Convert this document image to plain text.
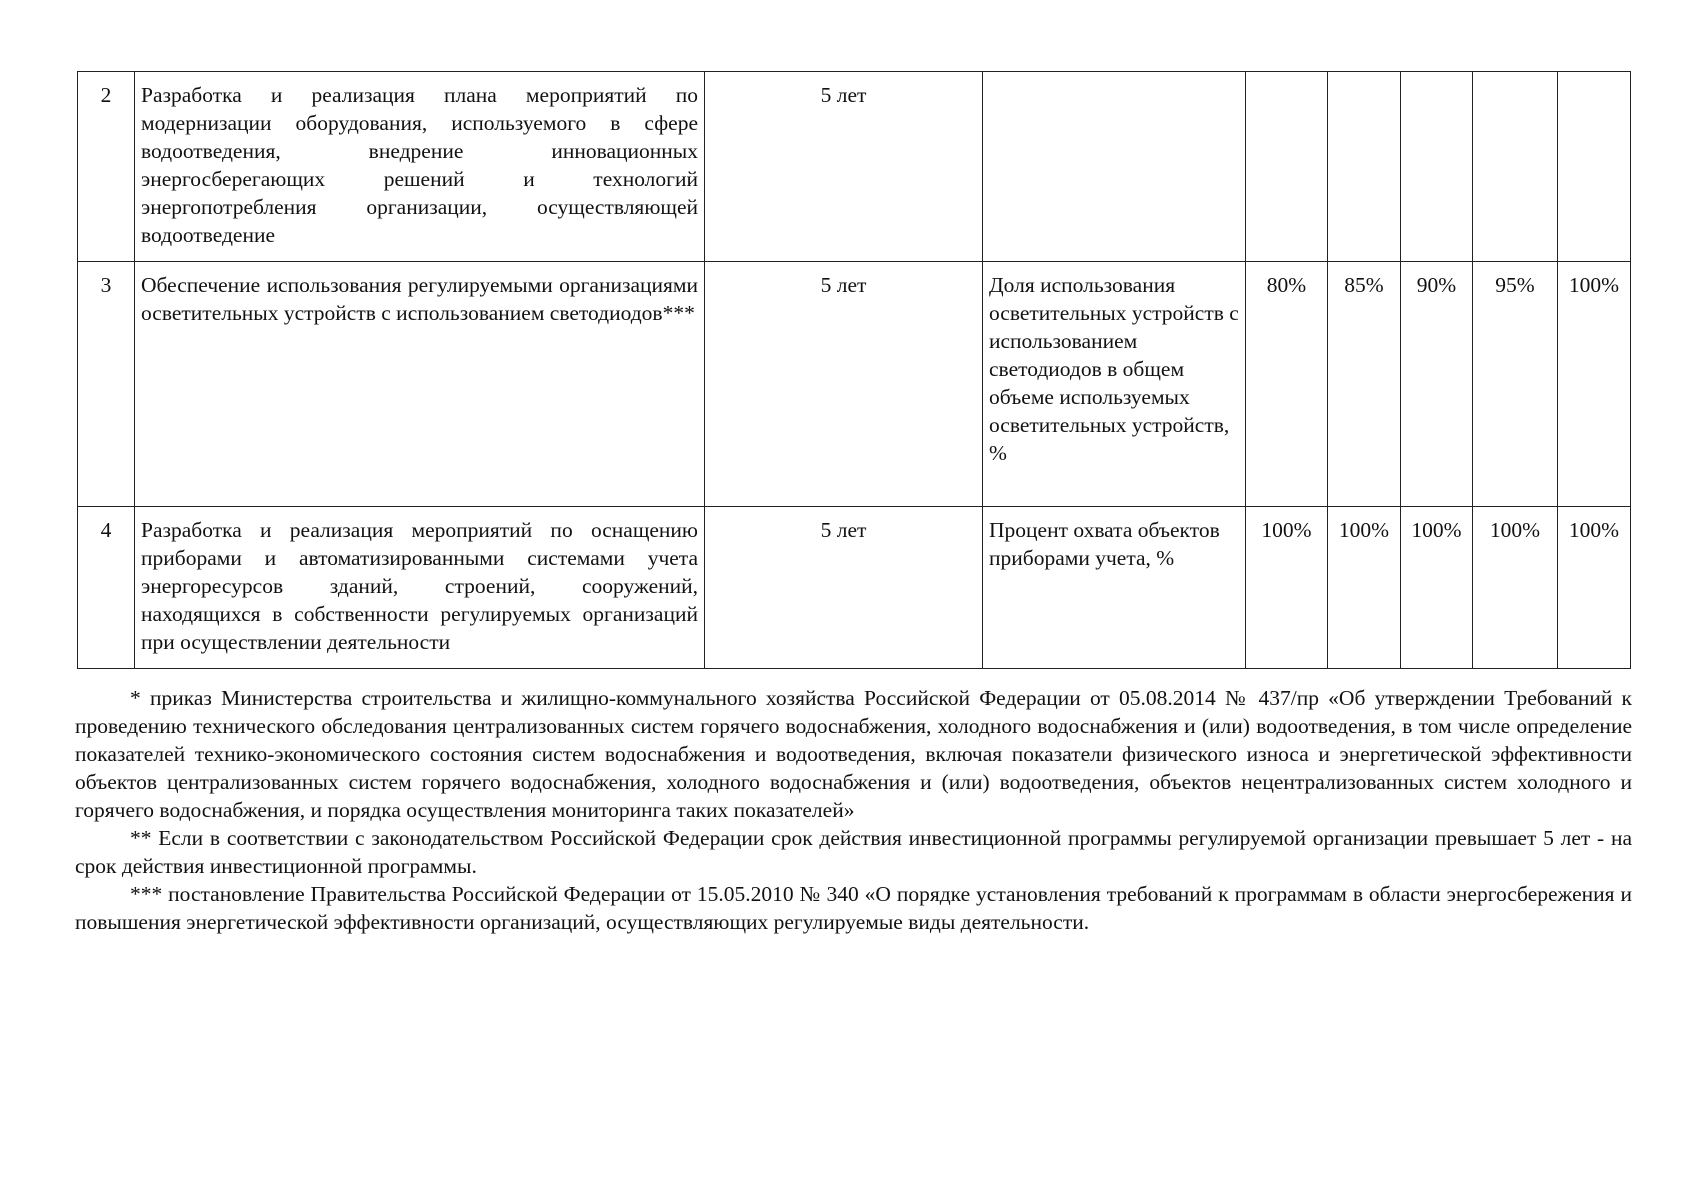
2	Разработка и реализация плана мероприятий по модернизации оборудования, используемого в сфере водоотведения, внедрение инновационных энергосберегающих решений и технологий энергопотребления организации, осуществляющей водоотведение	5 лет						
3	Обеспечение использования регулируемыми организациями осветительных устройств с использованием светодиодов***	5 лет	Доля использования осветительных устройств с использованием светодиодов в общем объеме используемых осветительных устройств, %	80%	85%	90%	95%	100%
4	Разработка и реализация мероприятий по оснащению приборами и автоматизированными системами учета энергоресурсов зданий, строений, сооружений, находящихся в собственности регулируемых организаций при осуществлении деятельности	5 лет	Процент охвата объектов приборами учета, %	100%	100%	100%	100%	100%

* приказ Министерства строительства и жилищно-коммунального хозяйства Российской Федерации от 05.08.2014 № 437/пр «Об утверждении Требований к проведению технического обследования централизованных систем горячего водоснабжения, холодного водоснабжения и (или) водоотведения, в том числе определение показателей технико-экономического состояния систем водоснабжения и водоотведения, включая показатели физического износа и энергетической эффективности объектов централизованных систем горячего водоснабжения, холодного водоснабжения и (или) водоотведения, объектов нецентрализованных систем холодного и горячего водоснабжения, и порядка осуществления мониторинга таких показателей»

** Если в соответствии с законодательством Российской Федерации срок действия инвестиционной программы регулируемой организации превышает 5 лет - на срок действия инвестиционной программы.

*** постановление Правительства Российской Федерации от 15.05.2010 № 340 «О порядке установления требований к программам в области энергосбережения и повышения энергетической эффективности организаций, осуществляющих регулируемые виды деятельности.
